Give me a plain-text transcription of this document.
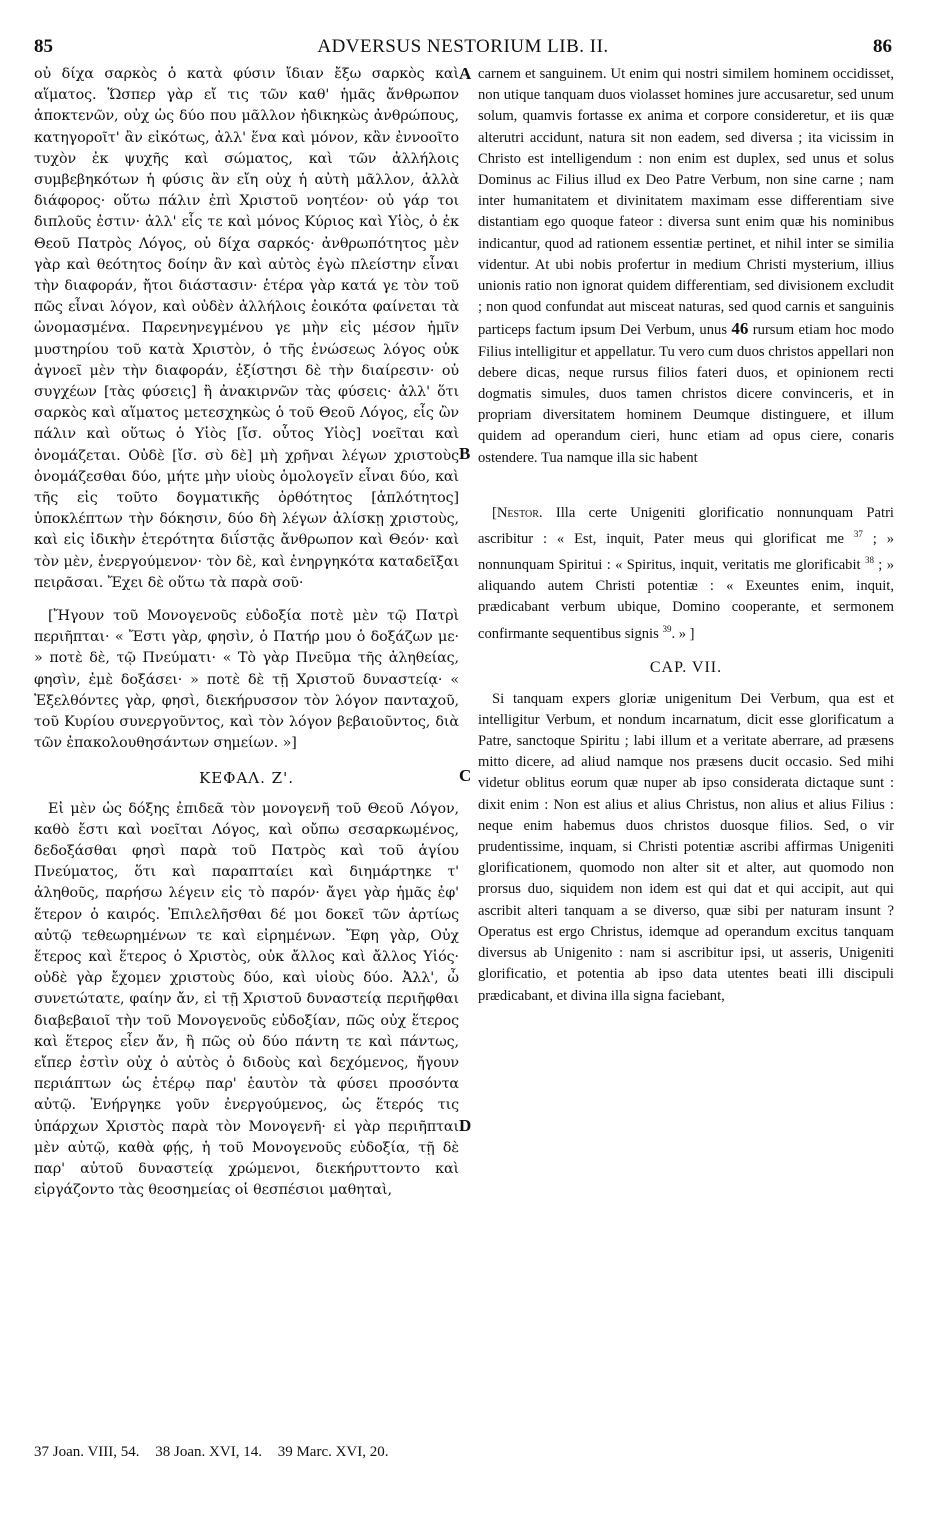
85	ADVERSUS NESTORIUM LIB. II.	86

οὐ δίχα σαρκὸς ὁ κατὰ φύσιν ἴδιαν ἔξω σαρκὸς καὶ αἵματος. Ὥσπερ γὰρ εἴ τις τῶν καθ' ἡμᾶς ἄνθρωπον ἀποκτενῶν, οὐχ ὡς δύο που μᾶλλον ἠδικηκὼς ἀνθρώπους, κατηγοροῖτ' ἂν εἰκότως, ἀλλ' ἕνα καὶ μόνον, κἂν ἐννοοῖτο τυχὸν ἐκ ψυχῆς καὶ σώματος, καὶ τῶν ἀλλήλοις συμβεβηκότων ἡ φύσις ἂν εἴη οὐχ ἡ αὐτὴ μᾶλλον, ἀλλὰ διάφορος· οὕτω πάλιν ἐπὶ Χριστοῦ νοητέον· οὐ γάρ τοι διπλοῦς ἐστιν· ἀλλ' εἷς τε καὶ μόνος Κύριος καὶ Υἱὸς, ὁ ἐκ Θεοῦ Πατρὸς Λόγος, οὐ δίχα σαρκός· ἀνθρωπότητος μὲν γὰρ καὶ θεότητος δοίην ἂν καὶ αὐτὸς ἐγὼ πλείστην εἶναι τὴν διαφοράν, ἤτοι διάστασιν· ἑτέρα γὰρ κατά γε τὸν τοῦ πῶς εἶναι λόγον, καὶ οὐδὲν ἀλλήλοις ἐοικότα φαίνεται τὰ ὠνομασμένα. Παρενηνεγμένου γε μὴν εἰς μέσον ἡμῖν μυστηρίου τοῦ κατὰ Χριστὸν, ὁ τῆς ἑνώσεως λόγος οὐκ ἀγνοεῖ μὲν τὴν διαφοράν, ἐξίστησι δὲ τὴν διαίρεσιν· οὐ συγχέων [τὰς φύσεις] ἢ ἀνακιρνῶν τὰς φύσεις· ἀλλ' ὅτι σαρκὸς καὶ αἵματος μετεσχηκὼς ὁ τοῦ Θεοῦ Λόγος, εἷς ὢν πάλιν καὶ οὕτως ὁ Υἱὸς [ἴσ. οὗτος Υἱὸς] νοεῖται καὶ ὀνομάζεται. Οὐδὲ [ἴσ. σὺ δὲ] μὴ χρῆναι λέγων χριστοὺς ὀνομάζεσθαι δύο, μήτε μὴν υἱοὺς ὁμολογεῖν εἶναι δύο, καὶ τῆς εἰς τοῦτο δογματικῆς ὀρθότητος [ἁπλότητος] ὑποκλέπτων τὴν δόκησιν, δύο δὴ λέγων ἀλίσκῃ χριστοὺς, καὶ εἰς ἰδικὴν ἑτερότητα διΐστᾷς ἄνθρωπον καὶ Θεόν· καὶ τὸν μὲν, ἐνεργούμενον· τὸν δὲ, καὶ ἐνηργηκότα καταδεῖξαι πειρᾶσαι. Ἔχει δὲ οὕτω τὰ παρὰ σοῦ·

[Ἤγουν τοῦ Μονογενοῦς εὐδοξία ποτὲ μὲν τῷ Πατρὶ περιῆπται· « Ἔστι γὰρ, φησὶν, ὁ Πατήρ μου ὁ δοξάζων με· » ποτὲ δὲ, τῷ Πνεύματι· « Τὸ γὰρ Πνεῦμα τῆς ἀληθείας, φησὶν, ἐμὲ δοξάσει· » ποτὲ δὲ τῇ Χριστοῦ δυναστείᾳ· « Ἐξελθόντες γὰρ, φησὶ, διεκήρυσσον τὸν λόγον πανταχοῦ, τοῦ Κυρίου συνεργοῦντος, καὶ τὸν λόγον βεβαιοῦντος, διὰ τῶν ἐπακολουθησάντων σημείων. »]

ΚΕΦΑΛ. Ζ'.

Εἰ μὲν ὡς δόξης ἐπιδεᾶ τὸν μονογενῆ τοῦ Θεοῦ Λόγον, καθὸ ἔστι καὶ νοεῖται Λόγος, καὶ οὔπω σεσαρκωμένος, δεδοξάσθαι φησὶ παρὰ τοῦ Πατρὸς καὶ τοῦ ἁγίου Πνεύματος, ὅτι καὶ παραπταίει καὶ διημάρτηκε τ' ἀληθοῦς, παρήσω λέγειν εἰς τὸ παρόν· ἄγει γὰρ ἡμᾶς ἐφ' ἕτερον ὁ καιρός. Ἐπιλελῆσθαι δέ μοι δοκεῖ τῶν ἀρτίως αὐτῷ τεθεωρημένων τε καὶ εἰρημένων. Ἔφη γὰρ, Οὐχ ἕτερος καὶ ἕτερος ὁ Χριστὸς, οὐκ ἄλλος καὶ ἄλλος Υἱός· οὐδὲ γὰρ ἔχομεν χριστοὺς δύο, καὶ υἱοὺς δύο. Ἀλλ', ὦ συνετώτατε, φαίην ἄν, εἰ τῇ Χριστοῦ δυναστείᾳ περιῆφθαι διαβεβαιοῖ τὴν τοῦ Μονογενοῦς εὐδοξίαν, πῶς οὐχ ἕτερος καὶ ἕτερος εἶεν ἄν, ἢ πῶς οὐ δύο πάντη τε καὶ πάντως, εἴπερ ἐστὶν οὐχ ὁ αὐτὸς ὁ διδοὺς καὶ δεχόμενος, ἤγουν περιάπτων ὡς ἑτέρῳ παρ' ἑαυτὸν τὰ φύσει προσόντα αὐτῷ. Ἐνήργηκε γοῦν ἐνεργούμενος, ὡς ἕτερός τις ὑπάρχων Χριστὸς παρὰ τὸν Μονογενῆ· εἰ γὰρ περιῆπται μὲν αὐτῷ, καθὰ φῄς, ἡ τοῦ Μονογενοῦς εὐδοξία, τῇ δὲ παρ' αὐτοῦ δυναστείᾳ χρώμενοι, διεκήρυττοντο καὶ εἰργάζοντο τὰς θεοσημείας οἱ θεσπέσιοι μαθηταὶ,

A
B
C
D

carnem et sanguinem. Ut enim qui nostri similem hominem occidisset, non utique tanquam duos violasset homines jure accusaretur, sed unum solum, quamvis fortasse ex anima et corpore consideretur, et iis quæ alterutri accidunt, natura sit non eadem, sed diversa ; ita vicissim in Christo est intelligendum : non enim est duplex, sed unus et solus Dominus ac Filius illud ex Deo Patre Verbum, non sine carne ; nam inter humanitatem et divinitatem maximam esse differentiam sive distantiam ego quoque fateor : diversa sunt enim quæ his nominibus indicantur, quod ad rationem essentiæ pertinet, et nihil inter se similia videntur. At ubi nobis profertur in medium Christi mysterium, illius unionis ratio non ignorat quidem differentiam, sed divisionem excludit ; non quod confundat aut misceat naturas, sed quod carnis et sanguinis particeps factum ipsum Dei Verbum, unus 46 rursum etiam hoc modo Filius intelligitur et appellatur. Tu vero cum duos christos appellari non debere dicas, neque rursus filios fateri duos, et opinionem recti dogmatis simules, duos tamen christos dicere convinceris, et in propriam diversitatem hominem Deumque distinguere, et illum quidem ad operandum cieri, hunc etiam ad opus ciere, conaris ostendere. Tua namque illa sic habent

[Nestor. Illa certe Unigeniti glorificatio nonnunquam Patri ascribitur : « Est, inquit, Pater meus qui glorificat me $^{37}$ ; » nonnunquam Spiritui : « Spiritus, inquit, veritatis me glorificabit $^{38}$ ; » aliquando autem Christi potentiæ : « Exeuntes enim, inquit, prædicabant verbum ubique, Domino cooperante, et sermonem confirmante sequentibus signis $^{39}$. » ]

CAP. VII.

Si tanquam expers gloriæ unigenitum Dei Verbum, qua est et intelligitur Verbum, et nondum incarnatum, dicit esse glorificatum a Patre, sanctoque Spiritu ; labi illum et a veritate aberrare, ad præsens mitto dicere, ad aliud namque nos præsens ducit occasio. Sed mihi videtur oblitus eorum quæ nuper ab ipso considerata dictaque sunt : dixit enim : Non est alius et alius Christus, non alius et alius Filius : neque enim habemus duos christos duosque filios. Sed, o vir prudentissime, inquam, si Christi potentiæ ascribi affirmas Unigeniti glorificationem, quomodo non alter sit et alter, aut quomodo non prorsus duo, siquidem non idem est qui dat et qui accipit, aut qui ascribit alteri tanquam a se diverso, quæ sibi per naturam insunt ? Operatus est ergo Christus, idemque ad operandum excitus tanquam diversus ab Unigenito : nam si ascribitur ipsi, ut asseris, Unigeniti glorificatio, et potentia ab ipso data utentes beati illi discipuli prædicabant, et divina illa signa faciebant,

37 Joan. VIII, 54. 38 Joan. XVI, 14. 39 Marc. XVI, 20.
